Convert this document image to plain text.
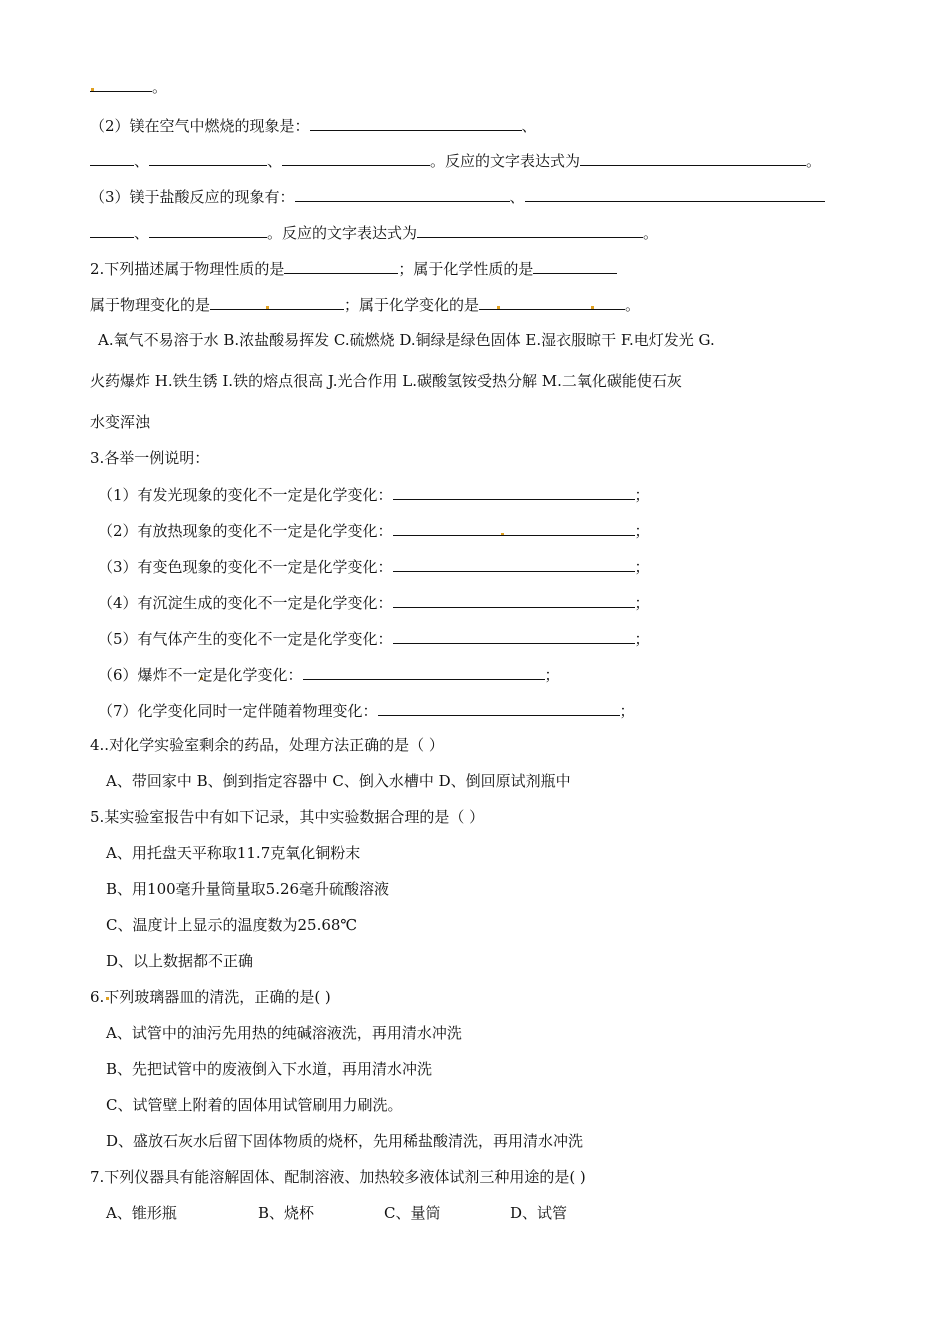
。
（2）镁在空气中燃烧的现象是：	、
、	、	。反应的文字表达式为	。
（3）镁于盐酸反应的现象有：	、
、	。反应的文字表达式为	。
2.下列描述属于物理性质的是	；属于化学性质的是
属于物理变化的是	；属于化学变化的是	。
A.氧气不易溶于水 B.浓盐酸易挥发 C.硫燃烧 D.铜绿是绿色固体 E.湿衣服晾干 F.电灯发光 G.
火药爆炸 H.铁生锈 I.铁的熔点很高 J.光合作用 L.碳酸氢铵受热分解 M.二氧化碳能使石灰
水变浑浊
3.各举一例说明：
（1）有发光现象的变化不一定是化学变化：	；
（2）有放热现象的变化不一定是化学变化：	；
（3）有变色现象的变化不一定是化学变化：	；
（4）有沉淀生成的变化不一定是化学变化：	；
（5）有气体产生的变化不一定是化学变化：	；
（6）爆炸不一定是化学变化：	；
（7）化学变化同时一定伴随着物理变化：	；
4..对化学实验室剩余的药品，处理方法正确的是（ ）
A、带回家中 B、倒到指定容器中 C、倒入水槽中 D、倒回原试剂瓶中
5.某实验室报告中有如下记录，其中实验数据合理的是（ ）
A、用托盘天平称取11.7克氧化铜粉末
B、用100毫升量筒量取5.26毫升硫酸溶液
C、温度计上显示的温度数为25.68℃
D、以上数据都不正确
6.下列玻璃器皿的清洗，正确的是( )
A、试管中的油污先用热的纯碱溶液洗，再用清水冲洗
B、先把试管中的废液倒入下水道，再用清水冲洗
C、试管壁上附着的固体用试管刷用力刷洗。
D、盛放石灰水后留下固体物质的烧杯，先用稀盐酸清洗，再用清水冲洗
7.下列仪器具有能溶解固体、配制溶液、加热较多液体试剂三种用途的是( )
A、锥形瓶	B、烧杯	C、量筒	D、试管
